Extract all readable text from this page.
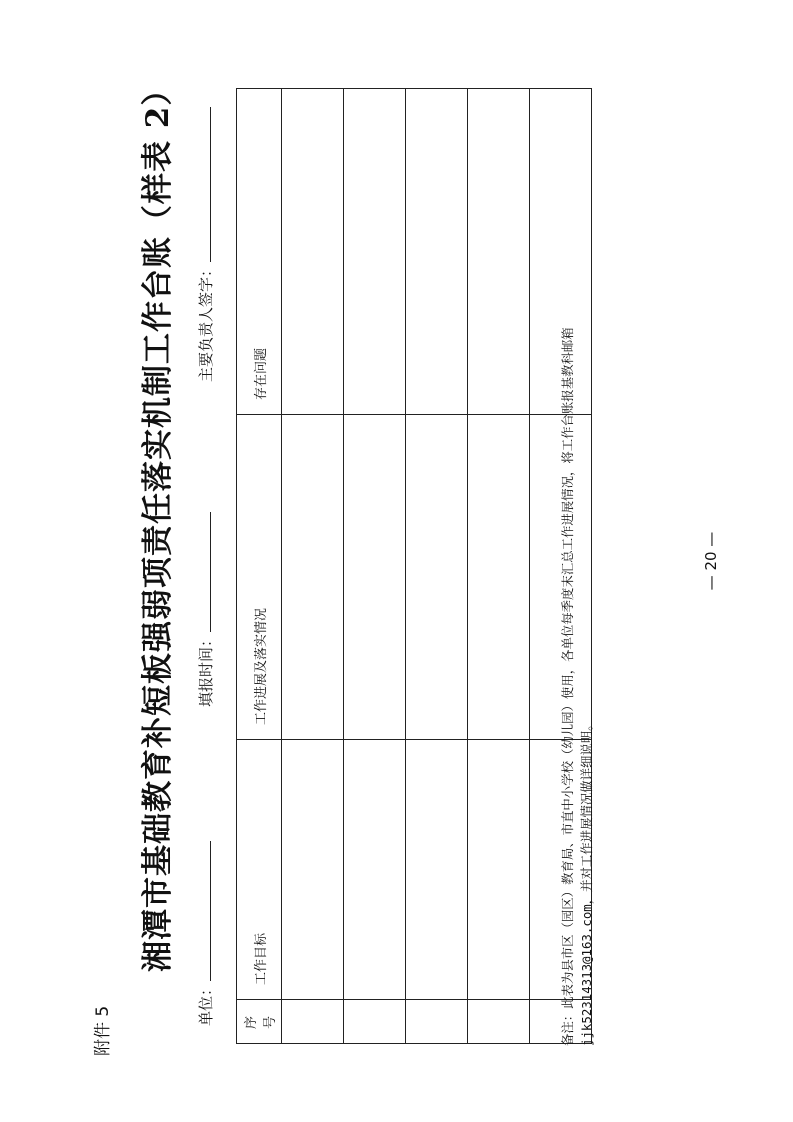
附件 5
湘潭市基础教育补短板强弱项责任落实机制工作台账（样表 2）
单位：
填报时间：
主要负责人签字：
序号	工作目标	工作进展及落实情况	存在问题

				备注：此表为县市区（园区）教育局、市直中小学校（幼儿园）使用，各单位每季度末汇总工作进展情况，将工作台账报基教科邮箱 jjk52314313@163.com，并对工作进展情况做详细说明。
— 20 —
